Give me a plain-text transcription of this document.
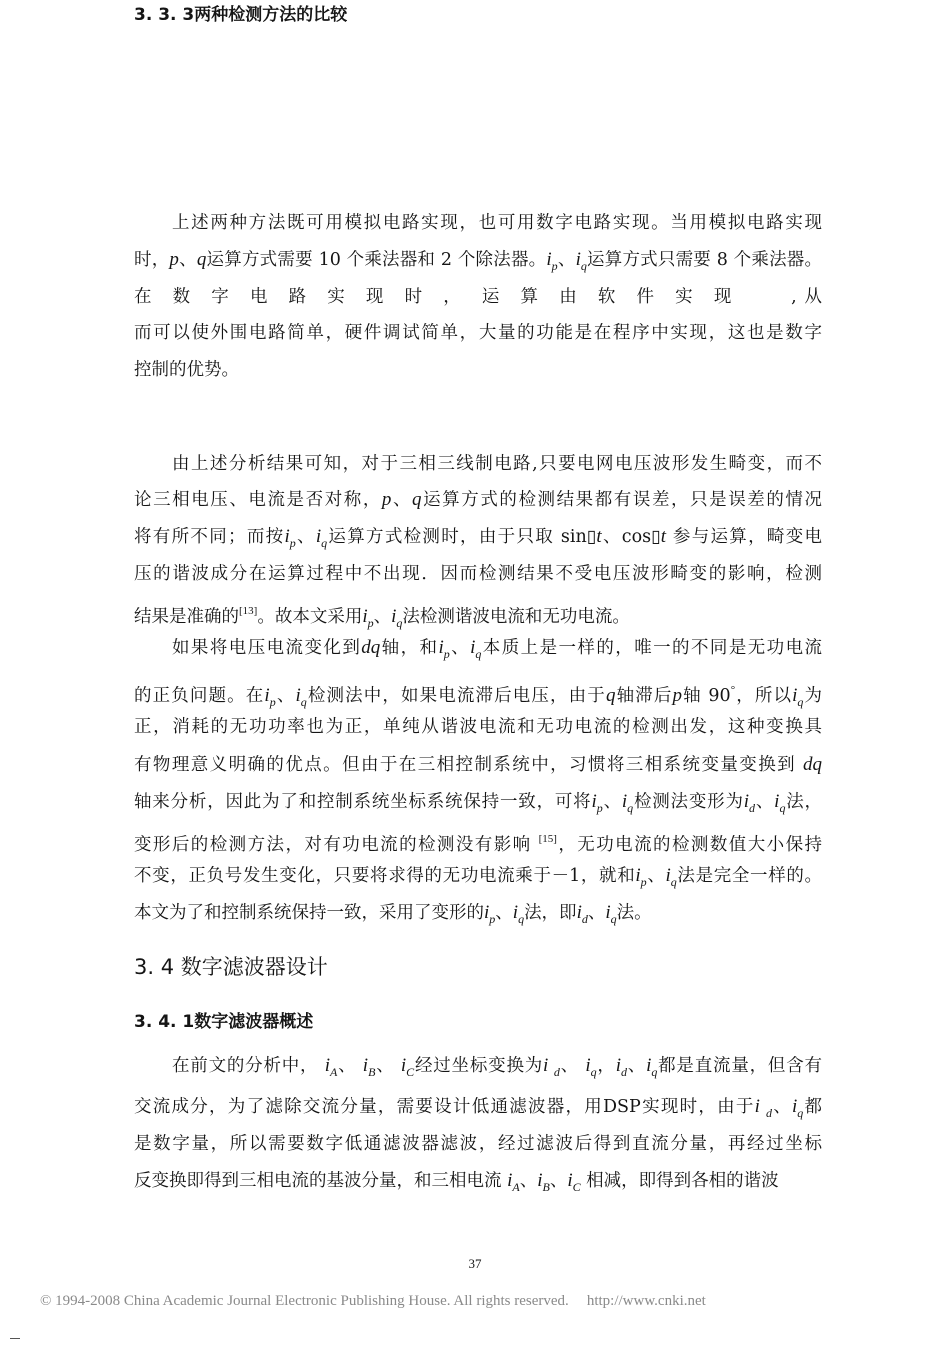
上述两种方法既可用模拟电路实现，也可用数字电路实现。当用模拟电路实现
时，p、q运算方式需要 10 个乘法器和 2 个除法器。$i_p$、$i_q$运算方式只需要 8 个乘法器。
在 数 字 电 路 实 现 时 ， 运 算 由 软 件 实 现 　 ,从
而可以使外围电路简单，硬件调试简单，大量的功能是在程序中实现，这也是数字
控制的优势。
3. 3. 3两种检测方法的比较
由上述分析结果可知，对于三相三线制电路,只要电网电压波形发生畸变，而不
论三相电压、电流是否对称，p、q运算方式的检测结果都有误差，只是误差的情况
将有所不同；而按$i_p$、$i_q$运算方式检测时，由于只取 sin▯t、cos▯t 参与运算，畸变电
压的谐波成分在运算过程中不出现．因而检测结果不受电压波形畸变的影响，检测
结果是准确的[13]。故本文采用$i_p$、$i_q$法检测谐波电流和无功电流。
如果将电压电流变化到dq轴，和$i_p$、$i_q$本质上是一样的，唯一的不同是无功电流
的正负问题。在$i_p$、$i_q$检测法中，如果电流滞后电压，由于q轴滞后p轴 90°，所以$i_q$为
正，消耗的无功功率也为正，单纯从谐波电流和无功电流的检测出发，这种变换具
有物理意义明确的优点。但由于在三相控制系统中，习惯将三相系统变量变换到 dq
轴来分析，因此为了和控制系统坐标系统保持一致，可将$i_p$、$i_q$检测法变形为$i_d$、$i_q$法，
变形后的检测方法，对有功电流的检测没有影响 [15]，无功电流的检测数值大小保持
不变，正负号发生变化，只要将求得的无功电流乘于－1，就和$i_p$、$i_q$法是完全一样的。
本文为了和控制系统保持一致，采用了变形的$i_p$、$i_q$法，即$i_d$、$i_q$法。
3. 4 数字滤波器设计
3. 4. 1数字滤波器概述
在前文的分析中， $i_A$、 $i_B$、 $i_C$经过坐标变换为i $_d$、 $i_q$，$i_d$、$i_q$都是直流量，但含有
交流成分，为了滤除交流分量，需要设计低通滤波器，用DSP实现时，由于i $_d$、$i_q$都
是数字量，所以需要数字低通滤波器滤波，经过滤波后得到直流分量，再经过坐标
反变换即得到三相电流的基波分量，和三相电流 $i_A$、$i_B$、$i_C$ 相减，即得到各相的谐波
37
© 1994-2008 China Academic Journal Electronic Publishing House. All rights reserved. http://www.cnki.net
